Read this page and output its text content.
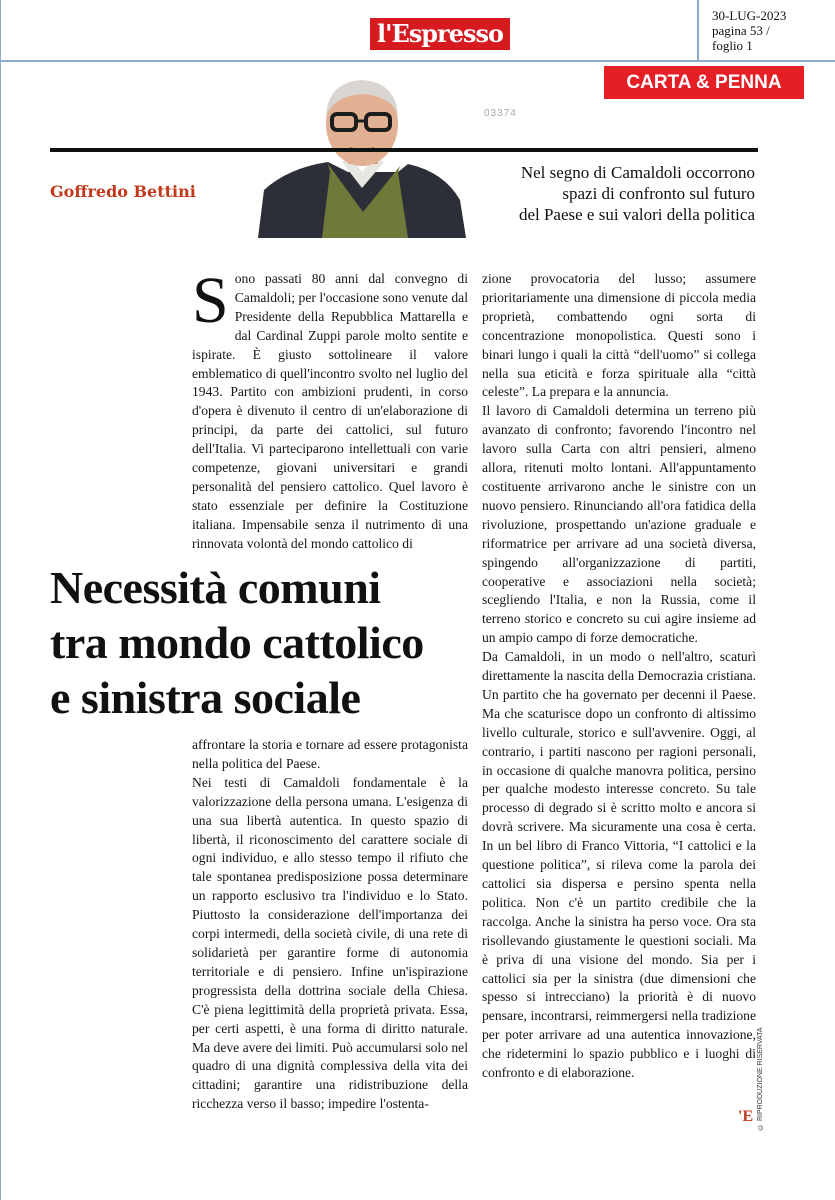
l'Espresso
30-LUG-2023
pagina 53 /
foglio 1
CARTA & PENNA
03374
Goffredo Bettini
Nel segno di Camaldoli occorrono
spazi di confronto sul futuro
del Paese e sui valori della politica
S ono passati 80 anni dal convegno di Camaldoli; per l'occasione sono venute dal Presidente della Repubblica Mattarella e dal Cardinal Zuppi parole molto sentite e ispirate. È giusto sottolineare il valore emblematico di quell'incontro svolto nel luglio del 1943. Partito con ambizioni prudenti, in corso d'opera è divenuto il centro di un'elaborazione di principi, da parte dei cattolici, sul futuro dell'Italia. Vi parteciparono intellettuali con varie competenze, giovani universitari e grandi personalità del pensiero cattolico. Quel lavoro è stato essenziale per definire la Costituzione italiana. Impensabile senza il nutrimento di una rinnovata volontà del mondo cattolico di

Necessità comuni
tra mondo cattolico
e sinistra sociale

affrontare la storia e tornare ad essere protagonista nella politica del Paese.

Nei testi di Camaldoli fondamentale è la valorizzazione della persona umana. L'esigenza di una sua libertà autentica. In questo spazio di libertà, il riconoscimento del carattere sociale di ogni individuo, e allo stesso tempo il rifiuto che tale spontanea predisposizione possa determinare un rapporto esclusivo tra l'individuo e lo Stato. Piuttosto la considerazione dell'importanza dei corpi intermedi, della società civile, di una rete di solidarietà per garantire forme di autonomia territoriale e di pensiero. Infine un'ispirazione progressista della dottrina sociale della Chiesa. C'è piena legittimità della proprietà privata. Essa, per certi aspetti, è una forma di diritto naturale. Ma deve avere dei limiti. Può accumularsi solo nel quadro di una dignità complessiva della vita dei cittadini; garantire una ridistribuzione della ricchezza verso il basso; impedire l'ostenta-

zione provocatoria del lusso; assumere prioritariamente una dimensione di piccola media proprietà, combattendo ogni sorta di concentrazione monopolistica. Questi sono i binari lungo i quali la città “dell'uomo” si collega nella sua eticità e forza spirituale alla “città celeste”. La prepara e la annuncia.

Il lavoro di Camaldoli determina un terreno più avanzato di confronto; favorendo l'incontro nel lavoro sulla Carta con altri pensieri, almeno allora, ritenuti molto lontani. All'appuntamento costituente arrivarono anche le sinistre con un nuovo pensiero. Rinunciando all'ora fatidica della rivoluzione, prospettando un'azione graduale e riformatrice per arrivare ad una società diversa, spingendo all'organizzazione di partiti, cooperative e associazioni nella società; scegliendo l'Italia, e non la Russia, come il terreno storico e concreto su cui agire insieme ad un ampio campo di forze democratiche.

Da Camaldoli, in un modo o nell'altro, scaturì direttamente la nascita della Democrazia cristiana. Un partito che ha governato per decenni il Paese. Ma che scaturisce dopo un confronto di altissimo livello culturale, storico e sull'avvenire. Oggi, al contrario, i partiti nascono per ragioni personali, in occasione di qualche manovra politica, persino per qualche modesto interesse concreto. Su tale processo di degrado si è scritto molto e ancora si dovrà scrivere. Ma sicuramente una cosa è certa. In un bel libro di Franco Vittoria, “I cattolici e la questione politica”, si rileva come la parola dei cattolici sia dispersa e persino spenta nella politica. Non c'è un partito credibile che la raccolga. Anche la sinistra ha perso voce. Ora sta risollevando giustamente le questioni sociali. Ma è priva di una visione del mondo. Sia per i cattolici sia per la sinistra (due dimensioni che spesso si intrecciano) la priorità è di nuovo pensare, incontrarsi, reimmergersi nella tradizione per poter arrivare ad una autentica innovazione, che ridetermini lo spazio pubblico e i luoghi di confronto e di elaborazione.	© RIPRODUZIONE RISERVATA
'E
